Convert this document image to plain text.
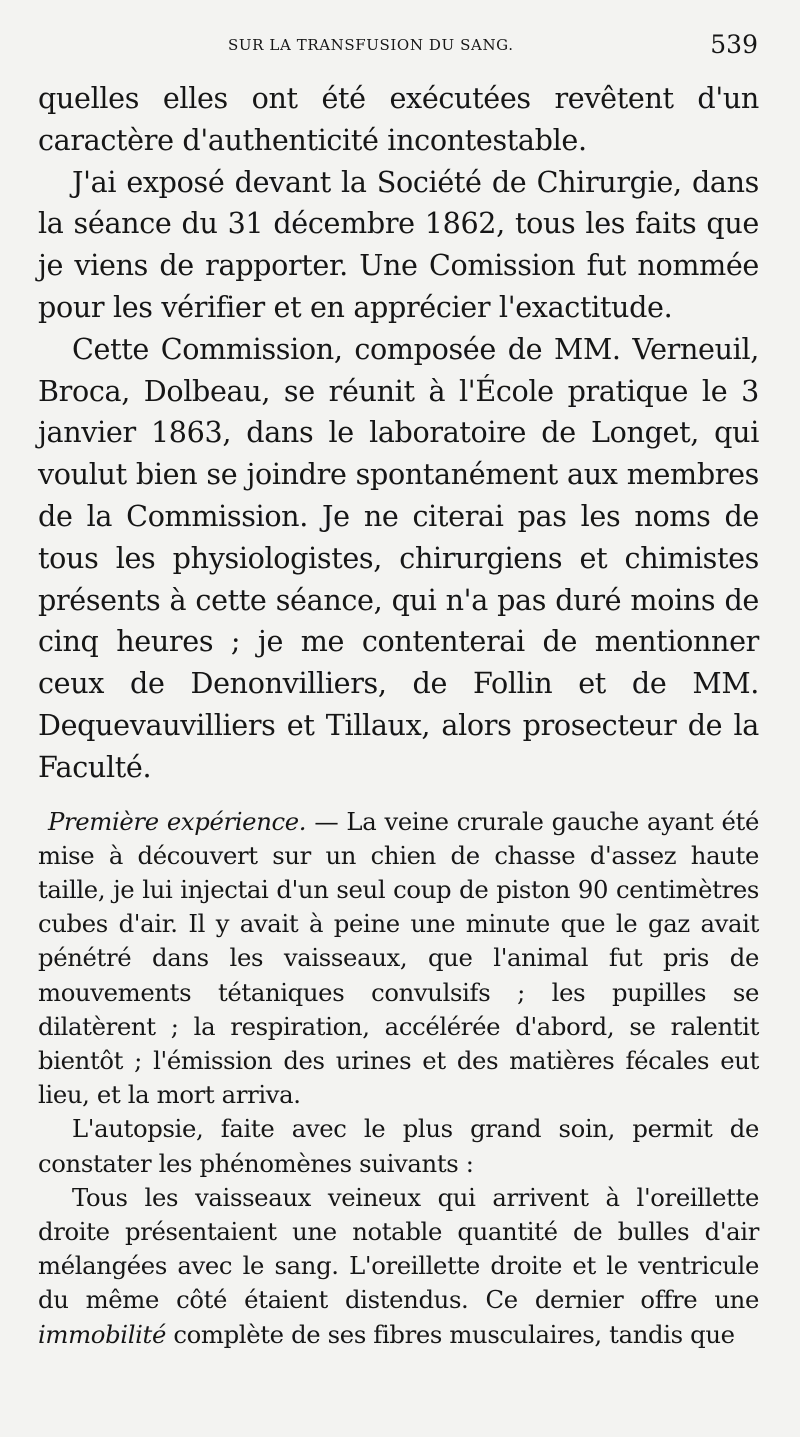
SUR LA TRANSFUSION DU SANG.	539

quelles elles ont été exécutées revêtent d'un caractère d'authenticité incontestable.

J'ai exposé devant la Société de Chirurgie, dans la séance du 31 décembre 1862, tous les faits que je viens de rapporter. Une Comission fut nommée pour les vérifier et en apprécier l'exactitude.

Cette Commission, composée de MM. Verneuil, Broca, Dolbeau, se réunit à l'École pratique le 3 janvier 1863, dans le laboratoire de Longet, qui voulut bien se joindre spontanément aux membres de la Commission. Je ne citerai pas les noms de tous les physiologistes, chirurgiens et chimistes présents à cette séance, qui n'a pas duré moins de cinq heures ; je me contenterai de mentionner ceux de Denonvilliers, de Follin et de MM. Dequevauvilliers et Tillaux, alors prosecteur de la Faculté.

Première expérience. — La veine crurale gauche ayant été mise à découvert sur un chien de chasse d'assez haute taille, je lui injectai d'un seul coup de piston 90 centimètres cubes d'air. Il y avait à peine une minute que le gaz avait pénétré dans les vaisseaux, que l'animal fut pris de mouvements tétaniques convulsifs ; les pupilles se dilatèrent ; la respiration, accélérée d'abord, se ralentit bientôt ; l'émission des urines et des matières fécales eut lieu, et la mort arriva.

L'autopsie, faite avec le plus grand soin, permit de constater les phénomènes suivants :

Tous les vaisseaux veineux qui arrivent à l'oreillette droite présentaient une notable quantité de bulles d'air mélangées avec le sang. L'oreillette droite et le ventricule du même côté étaient distendus. Ce dernier offre une immobilité complète de ses fibres musculaires, tandis que
